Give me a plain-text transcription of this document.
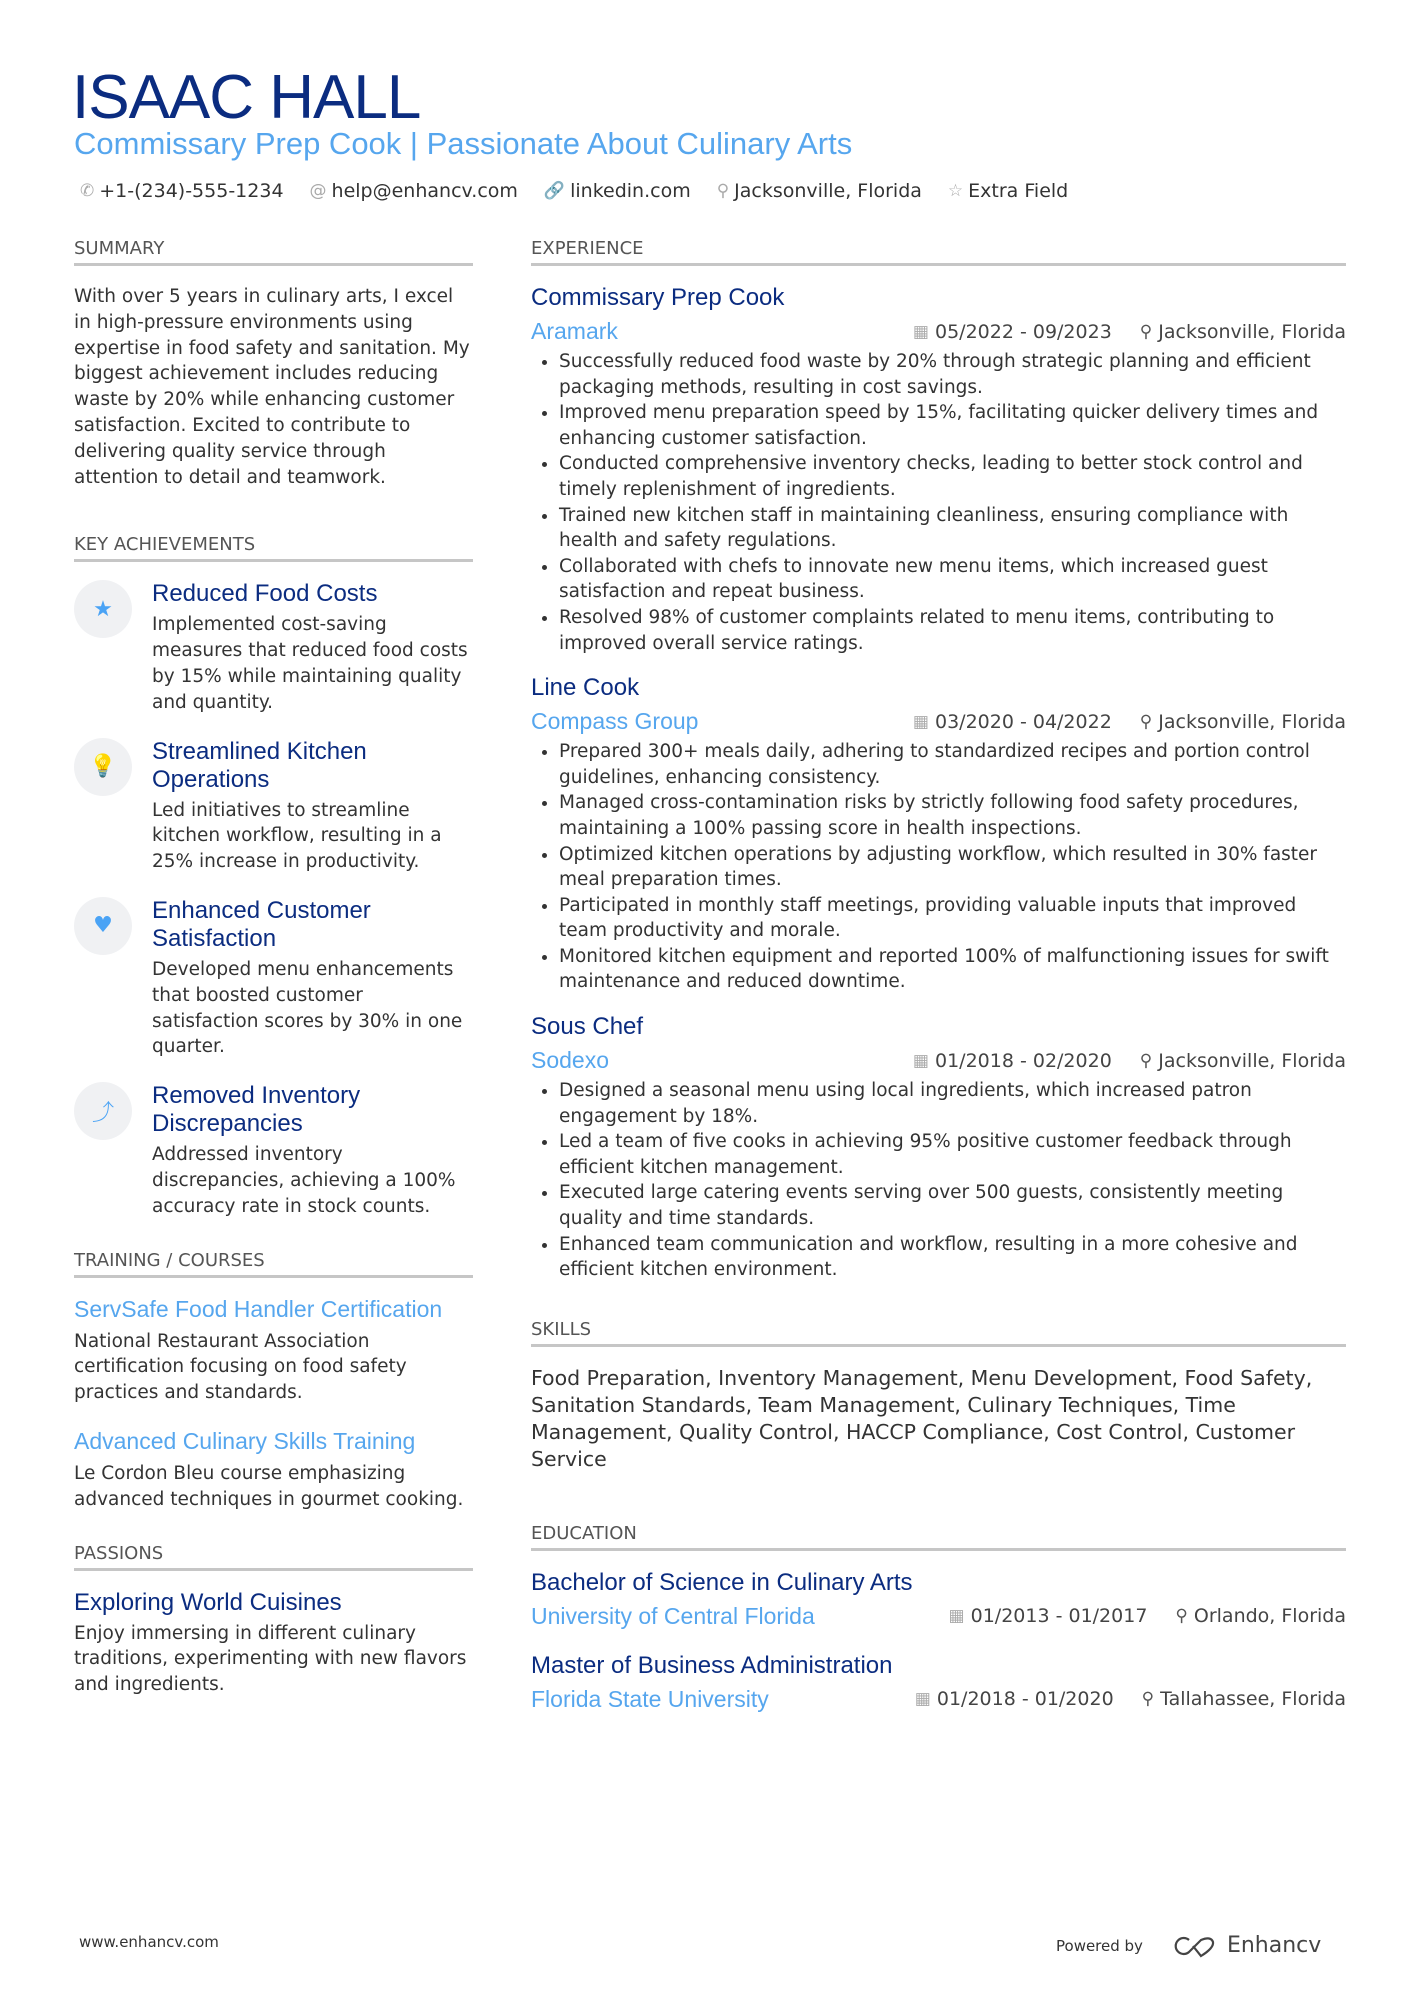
ISAAC HALL
Commissary Prep Cook | Passionate About Culinary Arts
✆ +1-(234)-555-1234 @ help@enhancv.com 🔗 linkedin.com ⚲ Jacksonville, Florida ☆ Extra Field
SUMMARY
With over 5 years in culinary arts, I excel in high-pressure environments using expertise in food safety and sanitation. My biggest achievement includes reducing waste by 20% while enhancing customer satisfaction. Excited to contribute to delivering quality service through attention to detail and teamwork.
KEY ACHIEVEMENTS
★
Reduced Food Costs
Implemented cost-saving measures that reduced food costs by 15% while maintaining quality and quantity.
💡
Streamlined Kitchen Operations
Led initiatives to streamline kitchen workflow, resulting in a 25% increase in productivity.
♥
Enhanced Customer Satisfaction
Developed menu enhancements that boosted customer satisfaction scores by 30% in one quarter.
⤴
Removed Inventory Discrepancies
Addressed inventory discrepancies, achieving a 100% accuracy rate in stock counts.
TRAINING / COURSES
ServSafe Food Handler Certification
National Restaurant Association certification focusing on food safety practices and standards.
Advanced Culinary Skills Training
Le Cordon Bleu course emphasizing advanced techniques in gourmet cooking.
PASSIONS
Exploring World Cuisines
Enjoy immersing in different culinary traditions, experimenting with new flavors and ingredients.
EXPERIENCE
Commissary Prep Cook
Aramark	▦ 05/2022 - 09/2023 ⚲ Jacksonville, Florida
• Successfully reduced food waste by 20% through strategic planning and efficient packaging methods, resulting in cost savings.
• Improved menu preparation speed by 15%, facilitating quicker delivery times and enhancing customer satisfaction.
• Conducted comprehensive inventory checks, leading to better stock control and timely replenishment of ingredients.
• Trained new kitchen staff in maintaining cleanliness, ensuring compliance with health and safety regulations.
• Collaborated with chefs to innovate new menu items, which increased guest satisfaction and repeat business.
• Resolved 98% of customer complaints related to menu items, contributing to improved overall service ratings.
Line Cook
Compass Group	▦ 03/2020 - 04/2022 ⚲ Jacksonville, Florida
• Prepared 300+ meals daily, adhering to standardized recipes and portion control guidelines, enhancing consistency.
• Managed cross-contamination risks by strictly following food safety procedures, maintaining a 100% passing score in health inspections.
• Optimized kitchen operations by adjusting workflow, which resulted in 30% faster meal preparation times.
• Participated in monthly staff meetings, providing valuable inputs that improved team productivity and morale.
• Monitored kitchen equipment and reported 100% of malfunctioning issues for swift maintenance and reduced downtime.
Sous Chef
Sodexo	▦ 01/2018 - 02/2020 ⚲ Jacksonville, Florida
• Designed a seasonal menu using local ingredients, which increased patron engagement by 18%.
• Led a team of five cooks in achieving 95% positive customer feedback through efficient kitchen management.
• Executed large catering events serving over 500 guests, consistently meeting quality and time standards.
• Enhanced team communication and workflow, resulting in a more cohesive and efficient kitchen environment.
SKILLS
Food Preparation, Inventory Management, Menu Development, Food Safety, Sanitation Standards, Team Management, Culinary Techniques, Time Management, Quality Control, HACCP Compliance, Cost Control, Customer Service
EDUCATION
Bachelor of Science in Culinary Arts
University of Central Florida	▦ 01/2013 - 01/2017 ⚲ Orlando, Florida
Master of Business Administration
Florida State University	▦ 01/2018 - 01/2020 ⚲ Tallahassee, Florida
www.enhancv.com	Powered by	Enhancv
